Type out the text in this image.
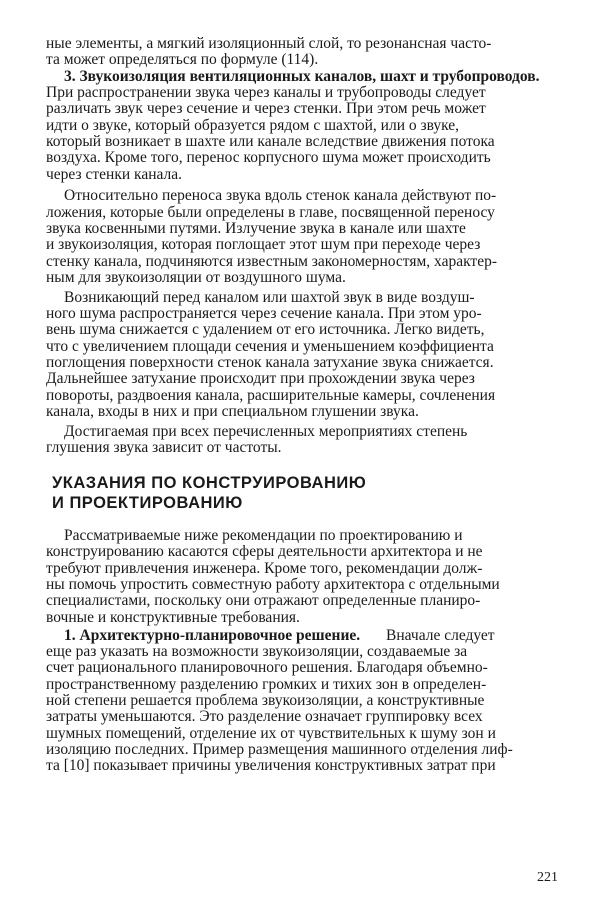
ные элементы, а мягкий изоляционный слой, то резонансная часто-
та может определяться по формуле (114).
3. Звукоизоляция вентиляционных каналов, шахт и трубопроводов.
При распространении звука через каналы и трубопроводы следует
различать звук через сечение и через стенки. При этом речь может
идти о звуке, который образуется рядом с шахтой, или о звуке,
который возникает в шахте или канале вследствие движения потока
воздуха. Кроме того, перенос корпусного шума может происходить
через стенки канала.
Относительно переноса звука вдоль стенок канала действуют по-
ложения, которые были определены в главе, посвященной переносу
звука косвенными путями. Излучение звука в канале или шахте
и звукоизоляция, которая поглощает этот шум при переходе через
стенку канала, подчиняются известным закономерностям, характер-
ным для звукоизоляции от воздушного шума.
Возникающий перед каналом или шахтой звук в виде воздуш-
ного шума распространяется через сечение канала. При этом уро-
вень шума снижается с удалением от его источника. Легко видеть,
что с увеличением площади сечения и уменьшением коэффициента
поглощения поверхности стенок канала затухание звука снижается.
Дальнейшее затухание происходит при прохождении звука через
повороты, раздвоения канала, расширительные камеры, сочленения
канала, входы в них и при специальном глушении звука.
Достигаемая при всех перечисленных мероприятиях степень
глушения звука зависит от частоты.
УКАЗАНИЯ ПО КОНСТРУИРОВАНИЮ
И ПРОЕКТИРОВАНИЮ
Рассматриваемые ниже рекомендации по проектированию и
конструированию касаются сферы деятельности архитектора и не
требуют привлечения инженера. Кроме того, рекомендации долж-
ны помочь упростить совместную работу архитектора с отдельными
специалистами, поскольку они отражают определенные планиро-
вочные и конструктивные требования.
1. Архитектурно-планировочное решение. Вначале следует
еще раз указать на возможности звукоизоляции, создаваемые за
счет рационального планировочного решения. Благодаря объемно-
пространственному разделению громких и тихих зон в определен-
ной степени решается проблема звукоизоляции, а конструктивные
затраты уменьшаются. Это разделение означает группировку всех
шумных помещений, отделение их от чувствительных к шуму зон и
изоляцию последних. Пример размещения машинного отделения лиф-
та [10] показывает причины увеличения конструктивных затрат при
221
